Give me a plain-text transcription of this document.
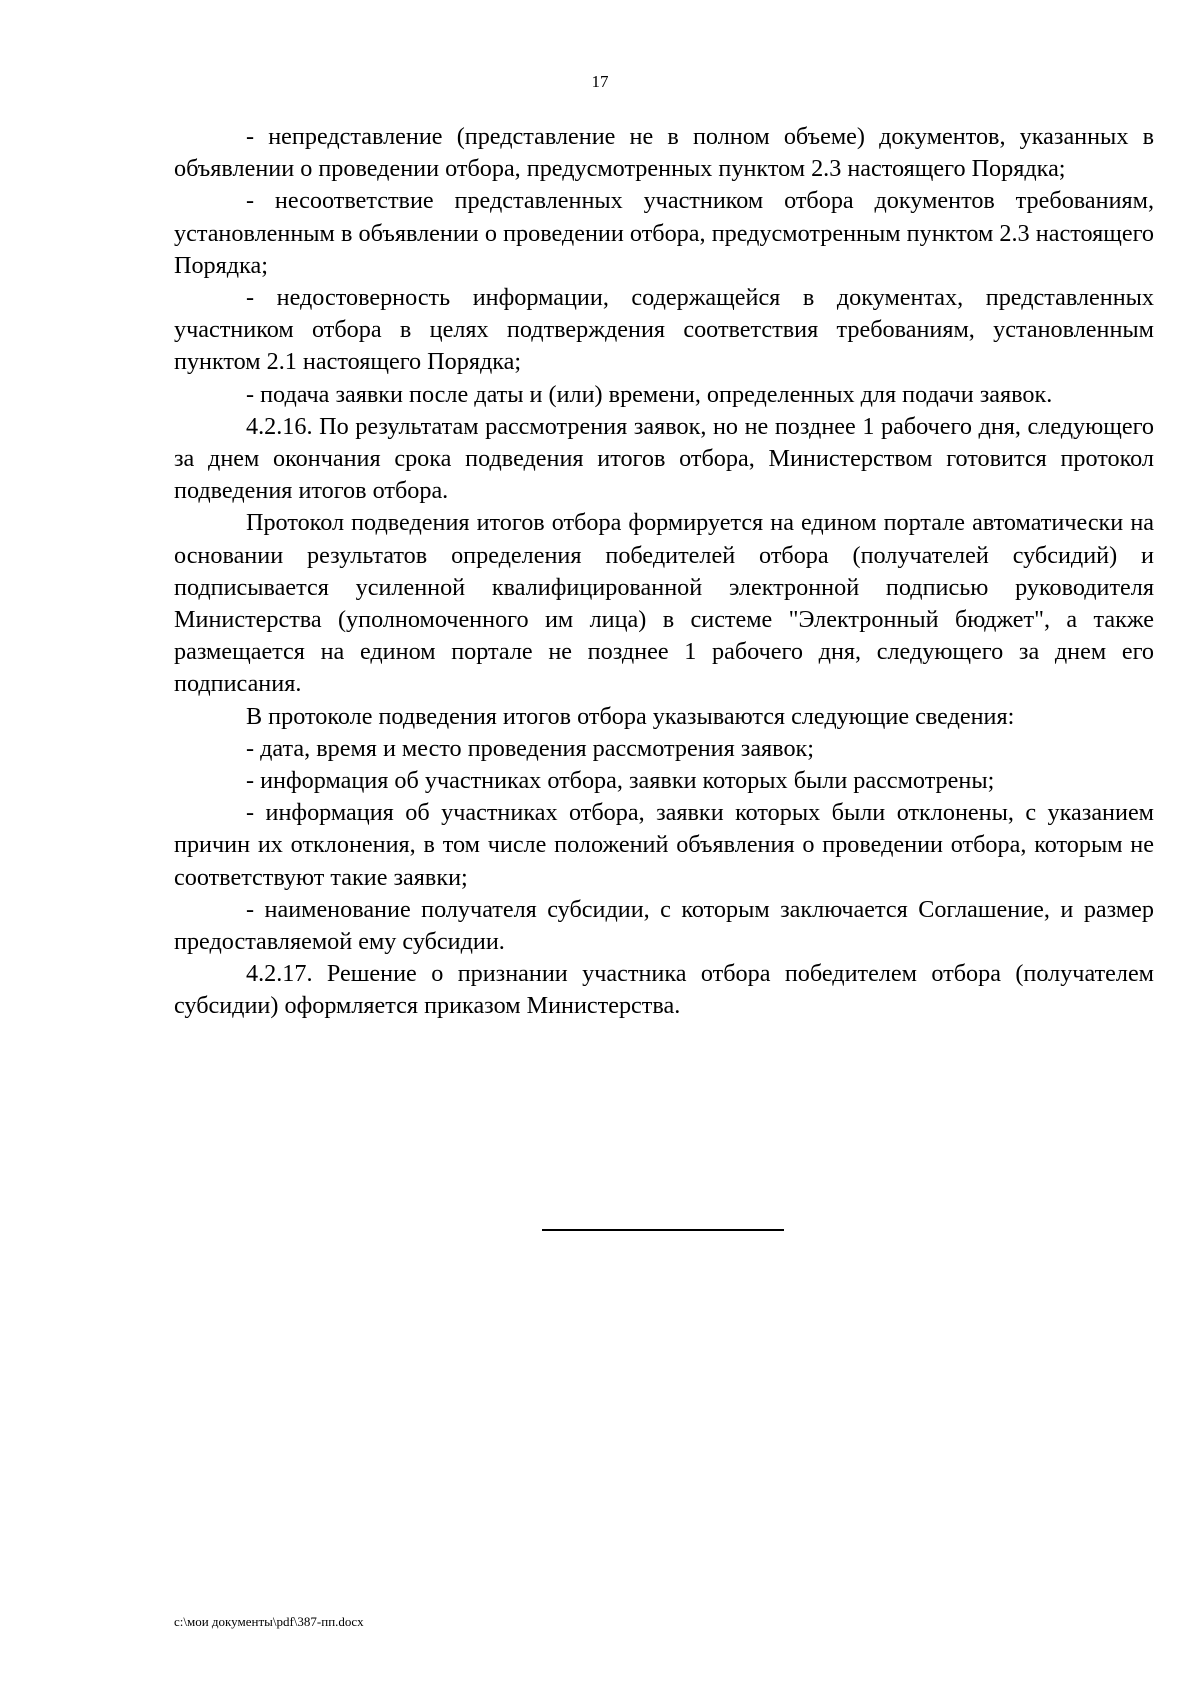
17

- непредставление (представление не в полном объеме) документов, указанных в объявлении о проведении отбора, предусмотренных пунктом 2.3 настоящего Порядка;

- несоответствие представленных участником отбора документов требованиям, установленным в объявлении о проведении отбора, предусмотренным пунктом 2.3 настоящего Порядка;

- недостоверность информации, содержащейся в документах, представленных участником отбора в целях подтверждения соответствия требованиям, установленным пунктом 2.1 настоящего Порядка;

- подача заявки после даты и (или) времени, определенных для подачи заявок.

4.2.16. По результатам рассмотрения заявок, но не позднее 1 рабочего дня, следующего за днем окончания срока подведения итогов отбора, Министерством готовится протокол подведения итогов отбора.

Протокол подведения итогов отбора формируется на едином портале автоматически на основании результатов определения победителей отбора (получателей субсидий) и подписывается усиленной квалифицированной электронной подписью руководителя Министерства (уполномоченного им лица) в системе "Электронный бюджет", а также размещается на едином портале не позднее 1 рабочего дня, следующего за днем его подписания.

В протоколе подведения итогов отбора указываются следующие сведения:

- дата, время и место проведения рассмотрения заявок;

- информация об участниках отбора, заявки которых были рассмотрены;

- информация об участниках отбора, заявки которых были отклонены, с указанием причин их отклонения, в том числе положений объявления о проведении отбора, которым не соответствуют такие заявки;

- наименование получателя субсидии, с которым заключается Соглашение, и размер предоставляемой ему субсидии.

4.2.17. Решение о признании участника отбора победителем отбора (получателем субсидии) оформляется приказом Министерства.

c:\мои документы\pdf\387-пп.docx
